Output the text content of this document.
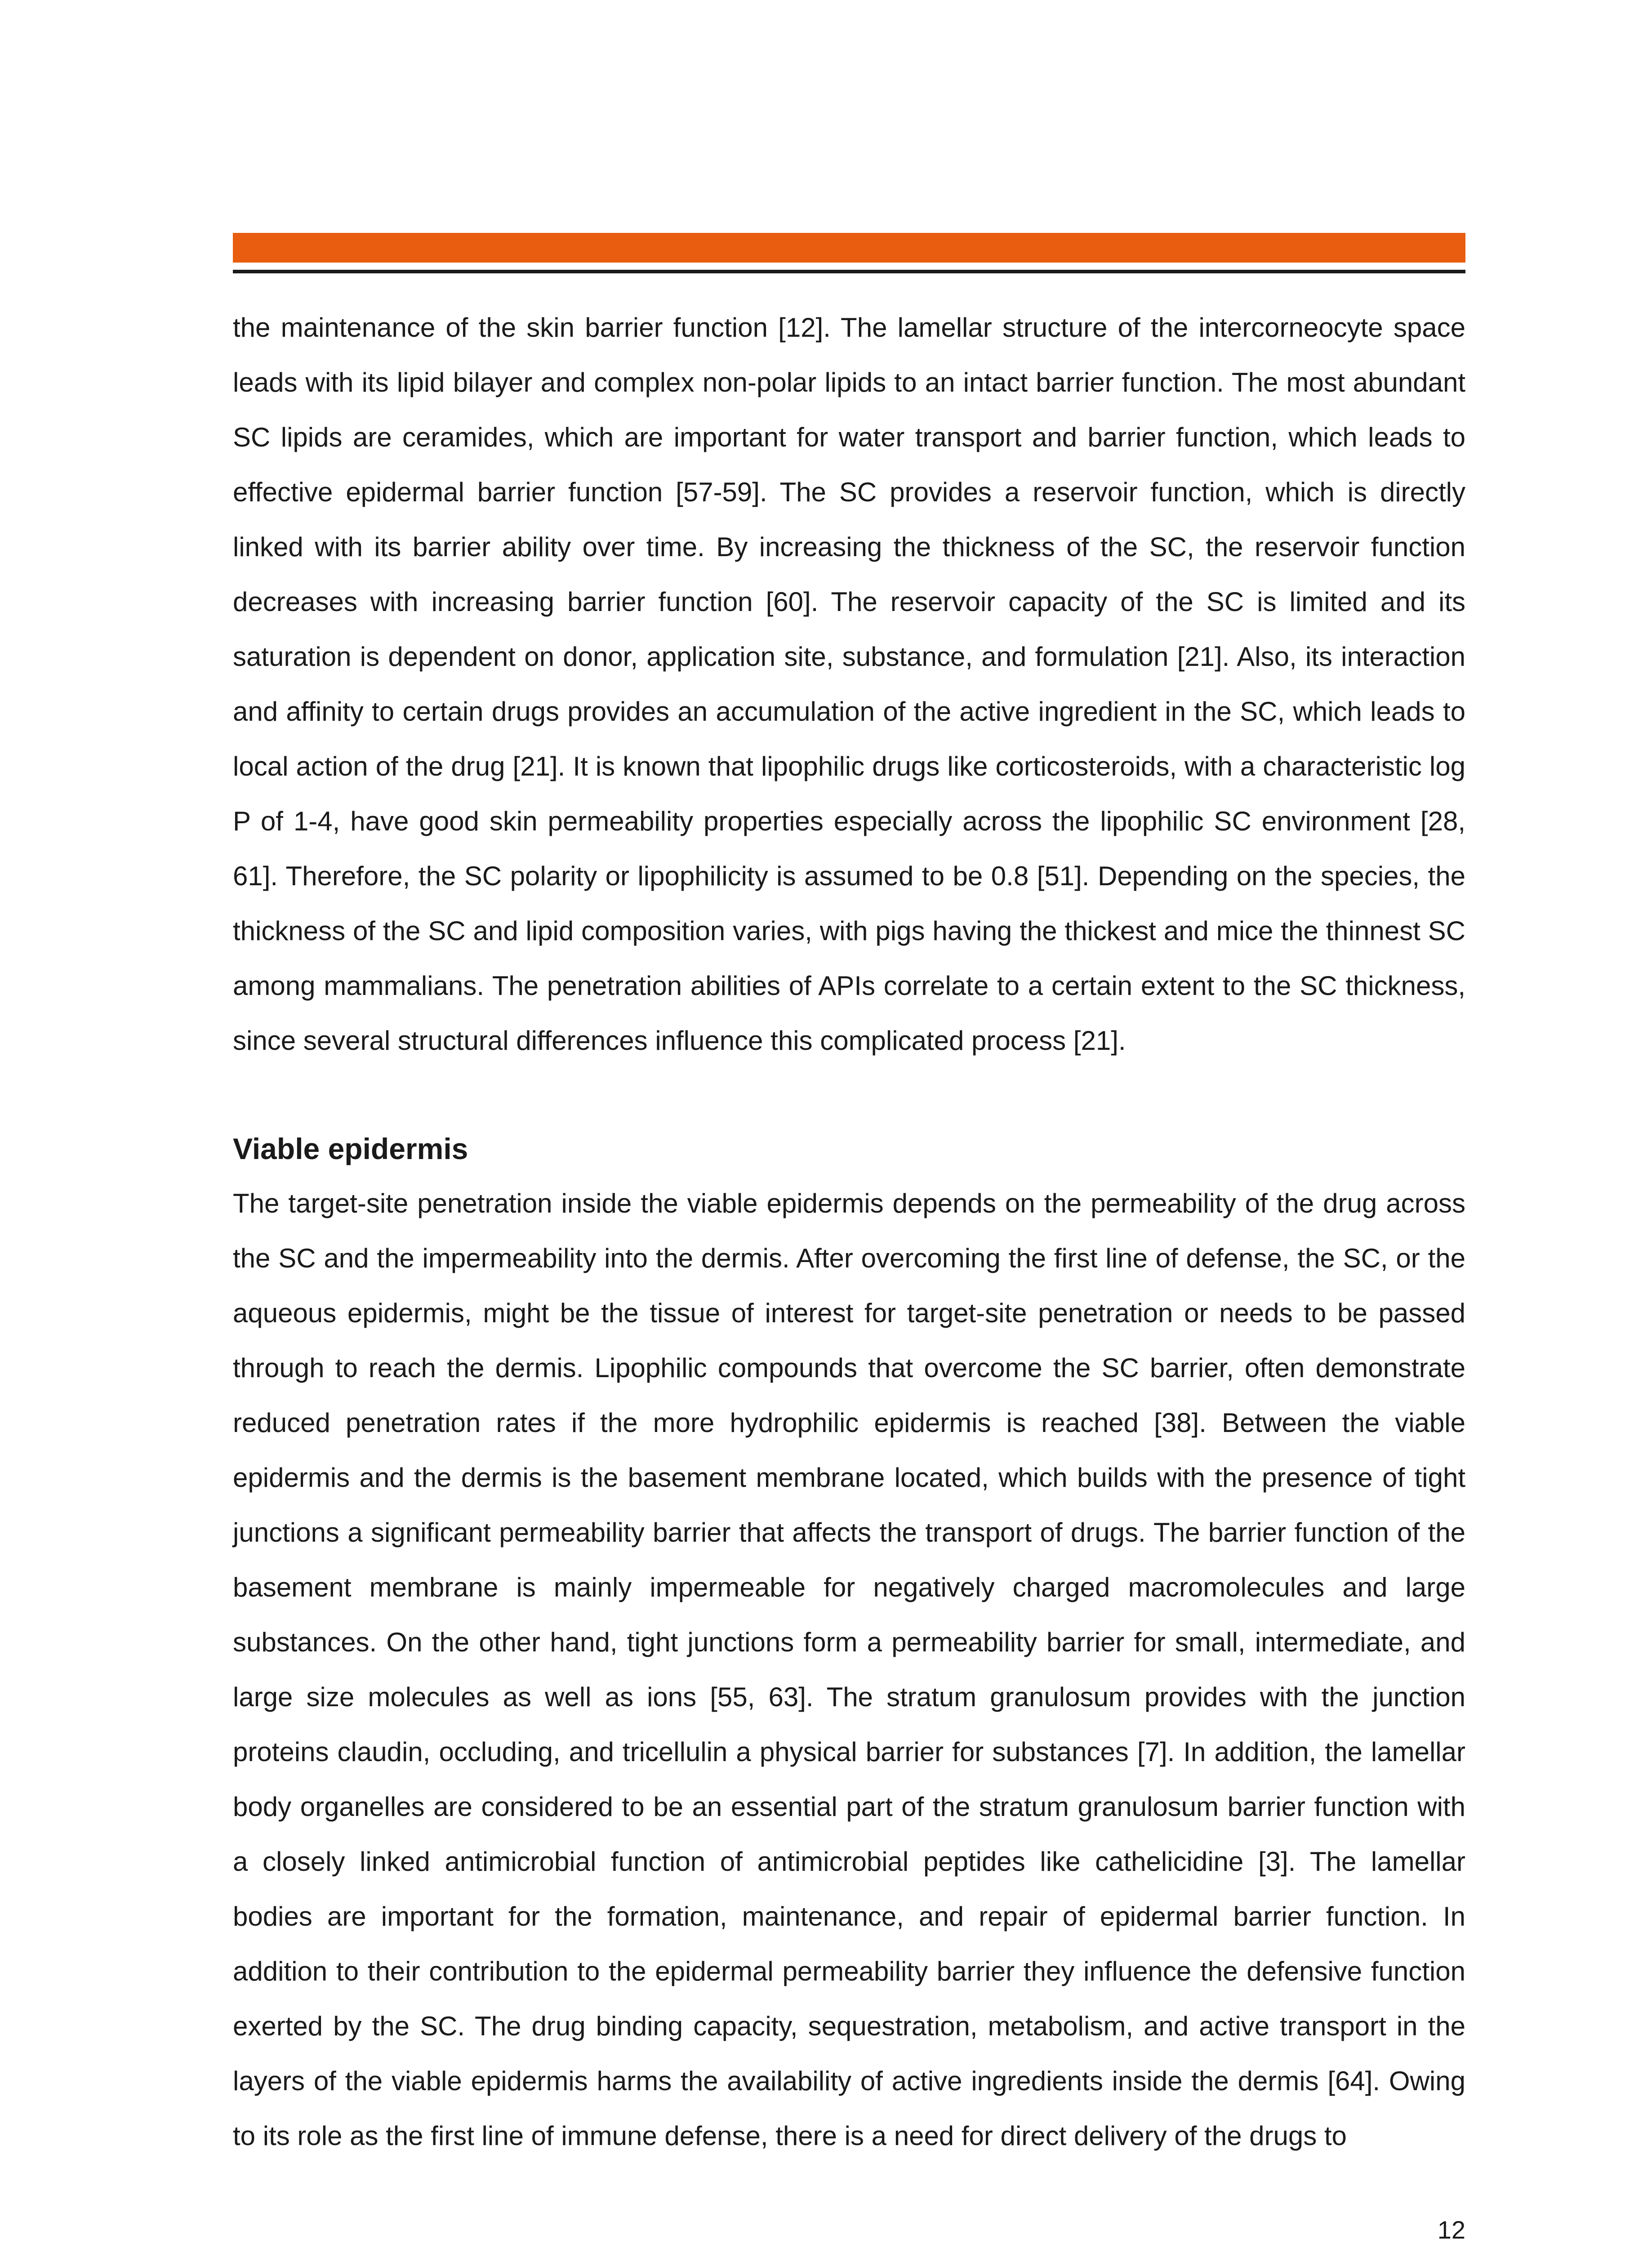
the maintenance of the skin barrier function [12]. The lamellar structure of the intercorneocyte space leads with its lipid bilayer and complex non-polar lipids to an intact barrier function. The most abundant SC lipids are ceramides, which are important for water transport and barrier function, which leads to effective epidermal barrier function [57-59]. The SC provides a reservoir function, which is directly linked with its barrier ability over time. By increasing the thickness of the SC, the reservoir function decreases with increasing barrier function [60]. The reservoir capacity of the SC is limited and its saturation is dependent on donor, application site, substance, and formulation [21]. Also, its interaction and affinity to certain drugs provides an accumulation of the active ingredient in the SC, which leads to local action of the drug [21]. It is known that lipophilic drugs like corticosteroids, with a characteristic log P of 1-4, have good skin permeability properties especially across the lipophilic SC environment [28, 61]. Therefore, the SC polarity or lipophilicity is assumed to be 0.8 [51]. Depending on the species, the thickness of the SC and lipid composition varies, with pigs having the thickest and mice the thinnest SC among mammalians. The penetration abilities of APIs correlate to a certain extent to the SC thickness, since several structural differences influence this complicated process [21].

Viable epidermis

The target-site penetration inside the viable epidermis depends on the permeability of the drug across the SC and the impermeability into the dermis. After overcoming the first line of defense, the SC, or the aqueous epidermis, might be the tissue of interest for target-site penetration or needs to be passed through to reach the dermis. Lipophilic compounds that overcome the SC barrier, often demonstrate reduced penetration rates if the more hydrophilic epidermis is reached [38]. Between the viable epidermis and the dermis is the basement membrane located, which builds with the presence of tight junctions a significant permeability barrier that affects the transport of drugs. The barrier function of the basement membrane is mainly impermeable for negatively charged macromolecules and large substances. On the other hand, tight junctions form a permeability barrier for small, intermediate, and large size molecules as well as ions [55, 63]. The stratum granulosum provides with the junction proteins claudin, occluding, and tricellulin a physical barrier for substances [7]. In addition, the lamellar body organelles are considered to be an essential part of the stratum granulosum barrier function with a closely linked antimicrobial function of antimicrobial peptides like cathelicidine [3]. The lamellar bodies are important for the formation, maintenance, and repair of epidermal barrier function. In addition to their contribution to the epidermal permeability barrier they influence the defensive function exerted by the SC. The drug binding capacity, sequestration, metabolism, and active transport in the layers of the viable epidermis harms the availability of active ingredients inside the dermis [64]. Owing to its role as the first line of immune defense, there is a need for direct delivery of the drugs to

12
